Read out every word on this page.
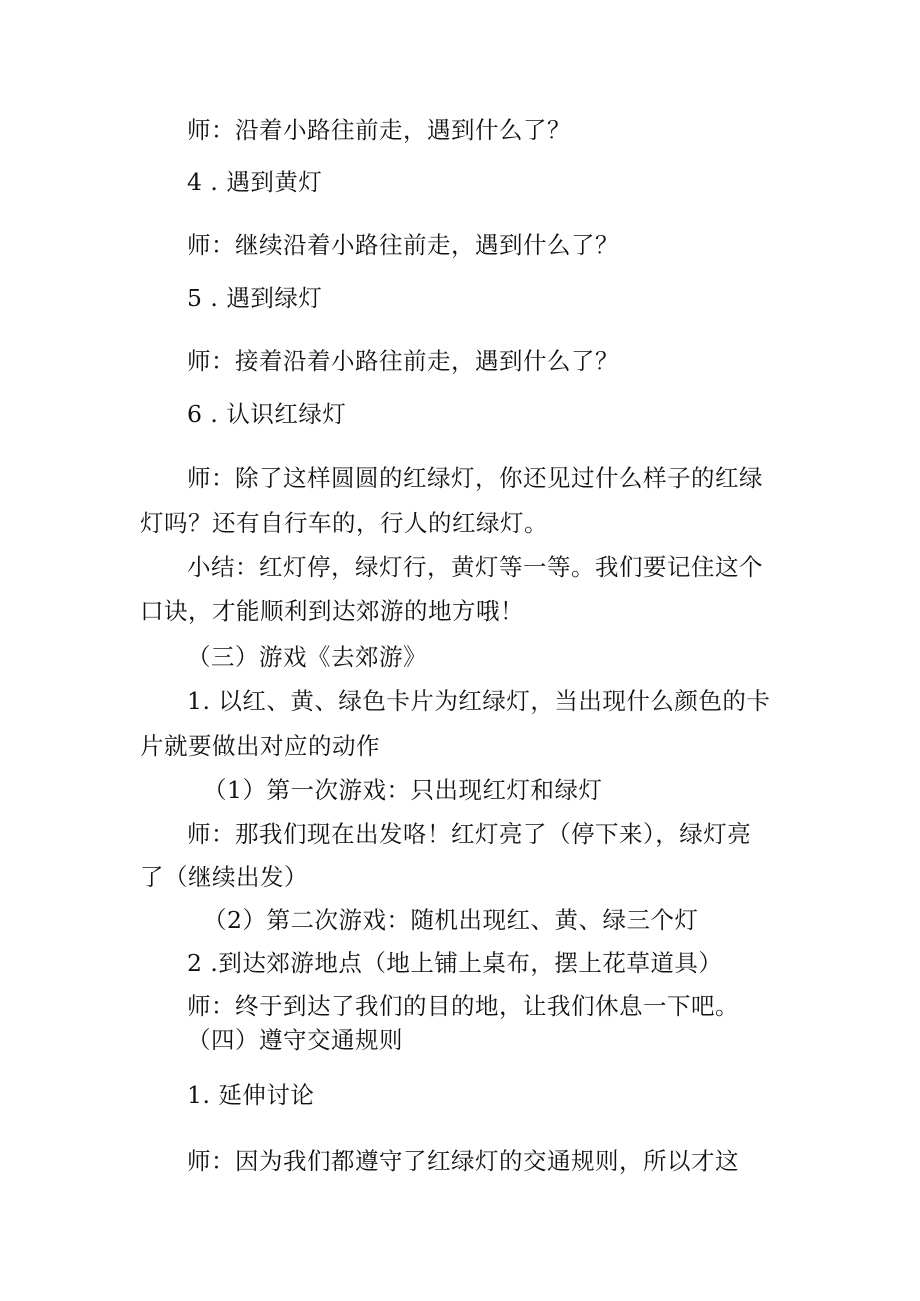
师：沿着小路往前走，遇到什么了？
4 . 遇到黄灯
师：继续沿着小路往前走，遇到什么了？
5 . 遇到绿灯
师：接着沿着小路往前走，遇到什么了？
6 . 认识红绿灯
师：除了这样圆圆的红绿灯，你还见过什么样子的红绿
灯吗？还有自行车的，行人的红绿灯。
小结：红灯停，绿灯行，黄灯等一等。我们要记住这个
口诀，才能顺利到达郊游的地方哦！
（三）游戏《去郊游》
1. 以红、黄、绿色卡片为红绿灯，当出现什么颜色的卡
片就要做出对应的动作
（1）第一次游戏：只出现红灯和绿灯
师：那我们现在出发咯！红灯亮了（停下来），绿灯亮
了（继续出发）
（2）第二次游戏：随机出现红、黄、绿三个灯
2 .到达郊游地点（地上铺上桌布，摆上花草道具）
师：终于到达了我们的目的地，让我们休息一下吧。
（四）遵守交通规则
1. 延伸讨论
师：因为我们都遵守了红绿灯的交通规则，所以才这
